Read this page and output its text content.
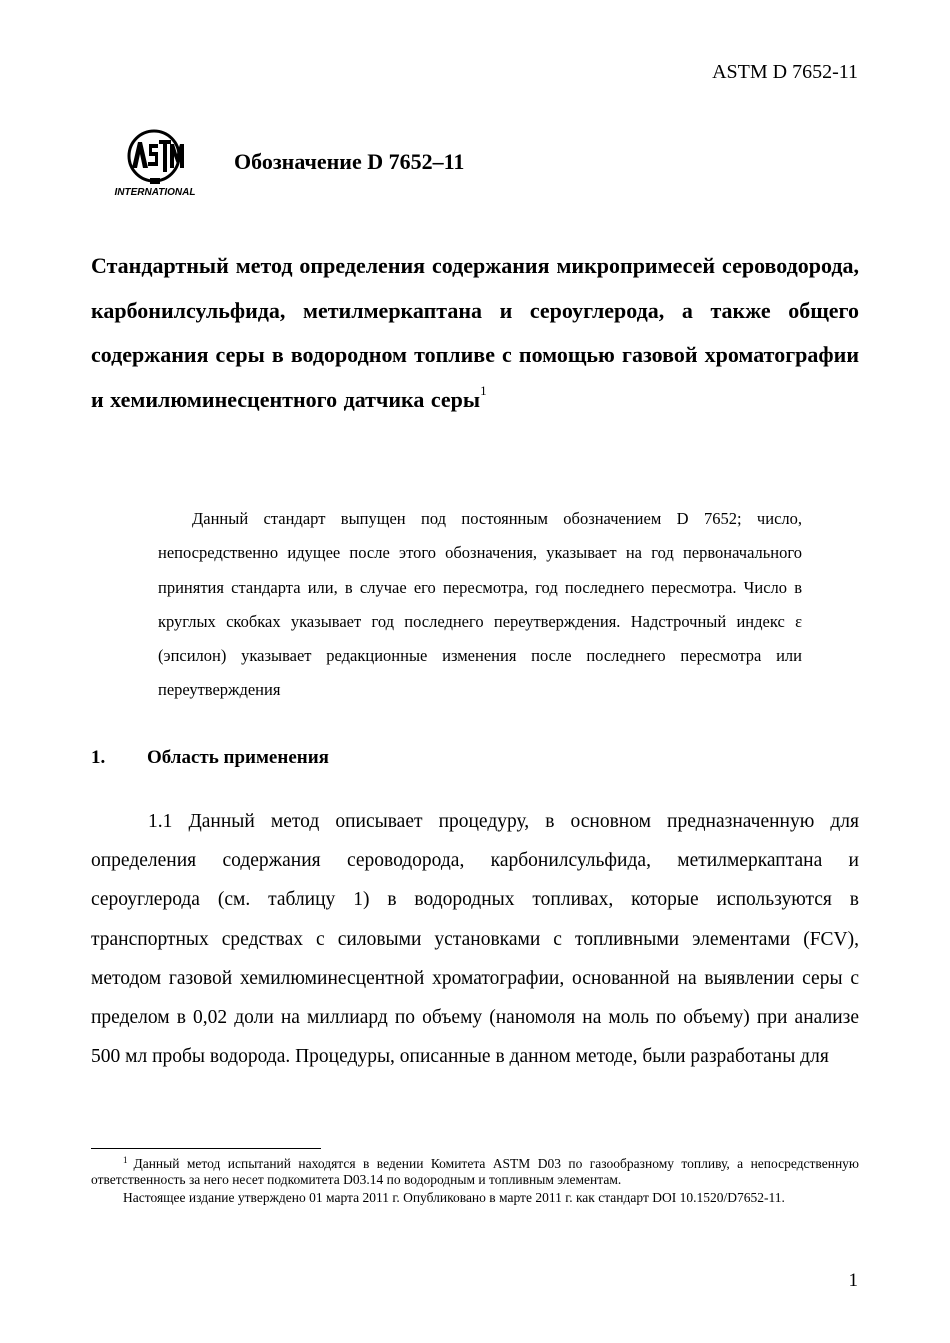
ASTM D 7652-11
INTERNATIONAL
Обозначение D 7652–11
Стандартный метод определения содержания микропримесей сероводорода, карбонилсульфида, метилмеркаптана и сероуглерода, а также общего содержания серы в водородном топливе с помощью газовой хроматографии и хемилюминесцентного датчика серы$^1$
Данный стандарт выпущен под постоянным обозначением D 7652; число, непосредственно идущее после этого обозначения, указывает на год первоначального принятия стандарта или, в случае его пересмотра, год последнего пересмотра. Число в круглых скобках указывает год последнего переутверждения. Надстрочный индекс ε (эпсилон) указывает редакционные изменения после последнего пересмотра или переутверждения
1. Область применения
1.1 Данный метод описывает процедуру, в основном предназначенную для определения содержания сероводорода, карбонилсульфида, метилмеркаптана и сероуглерода (см. таблицу 1) в водородных топливах, которые используются в транспортных средствах с силовыми установками с топливными элементами (FCV), методом газовой хемилюминесцентной хроматографии, основанной на выявлении серы с пределом в 0,02 доли на миллиард по объему (наномоля на моль по объему) при анализе 500 мл пробы водорода. Процедуры, описанные в данном методе, были разработаны для

$^1$ Данный метод испытаний находятся в ведении Комитета ASTM D03 по газообразному топливу, а непосредственную ответственность за него несет подкомитета D03.14 по водородным и топливным элементам.

Настоящее издание утверждено 01 марта 2011 г. Опубликовано в марте 2011 г. как стандарт DOI 10.1520/D7652-11.

1
